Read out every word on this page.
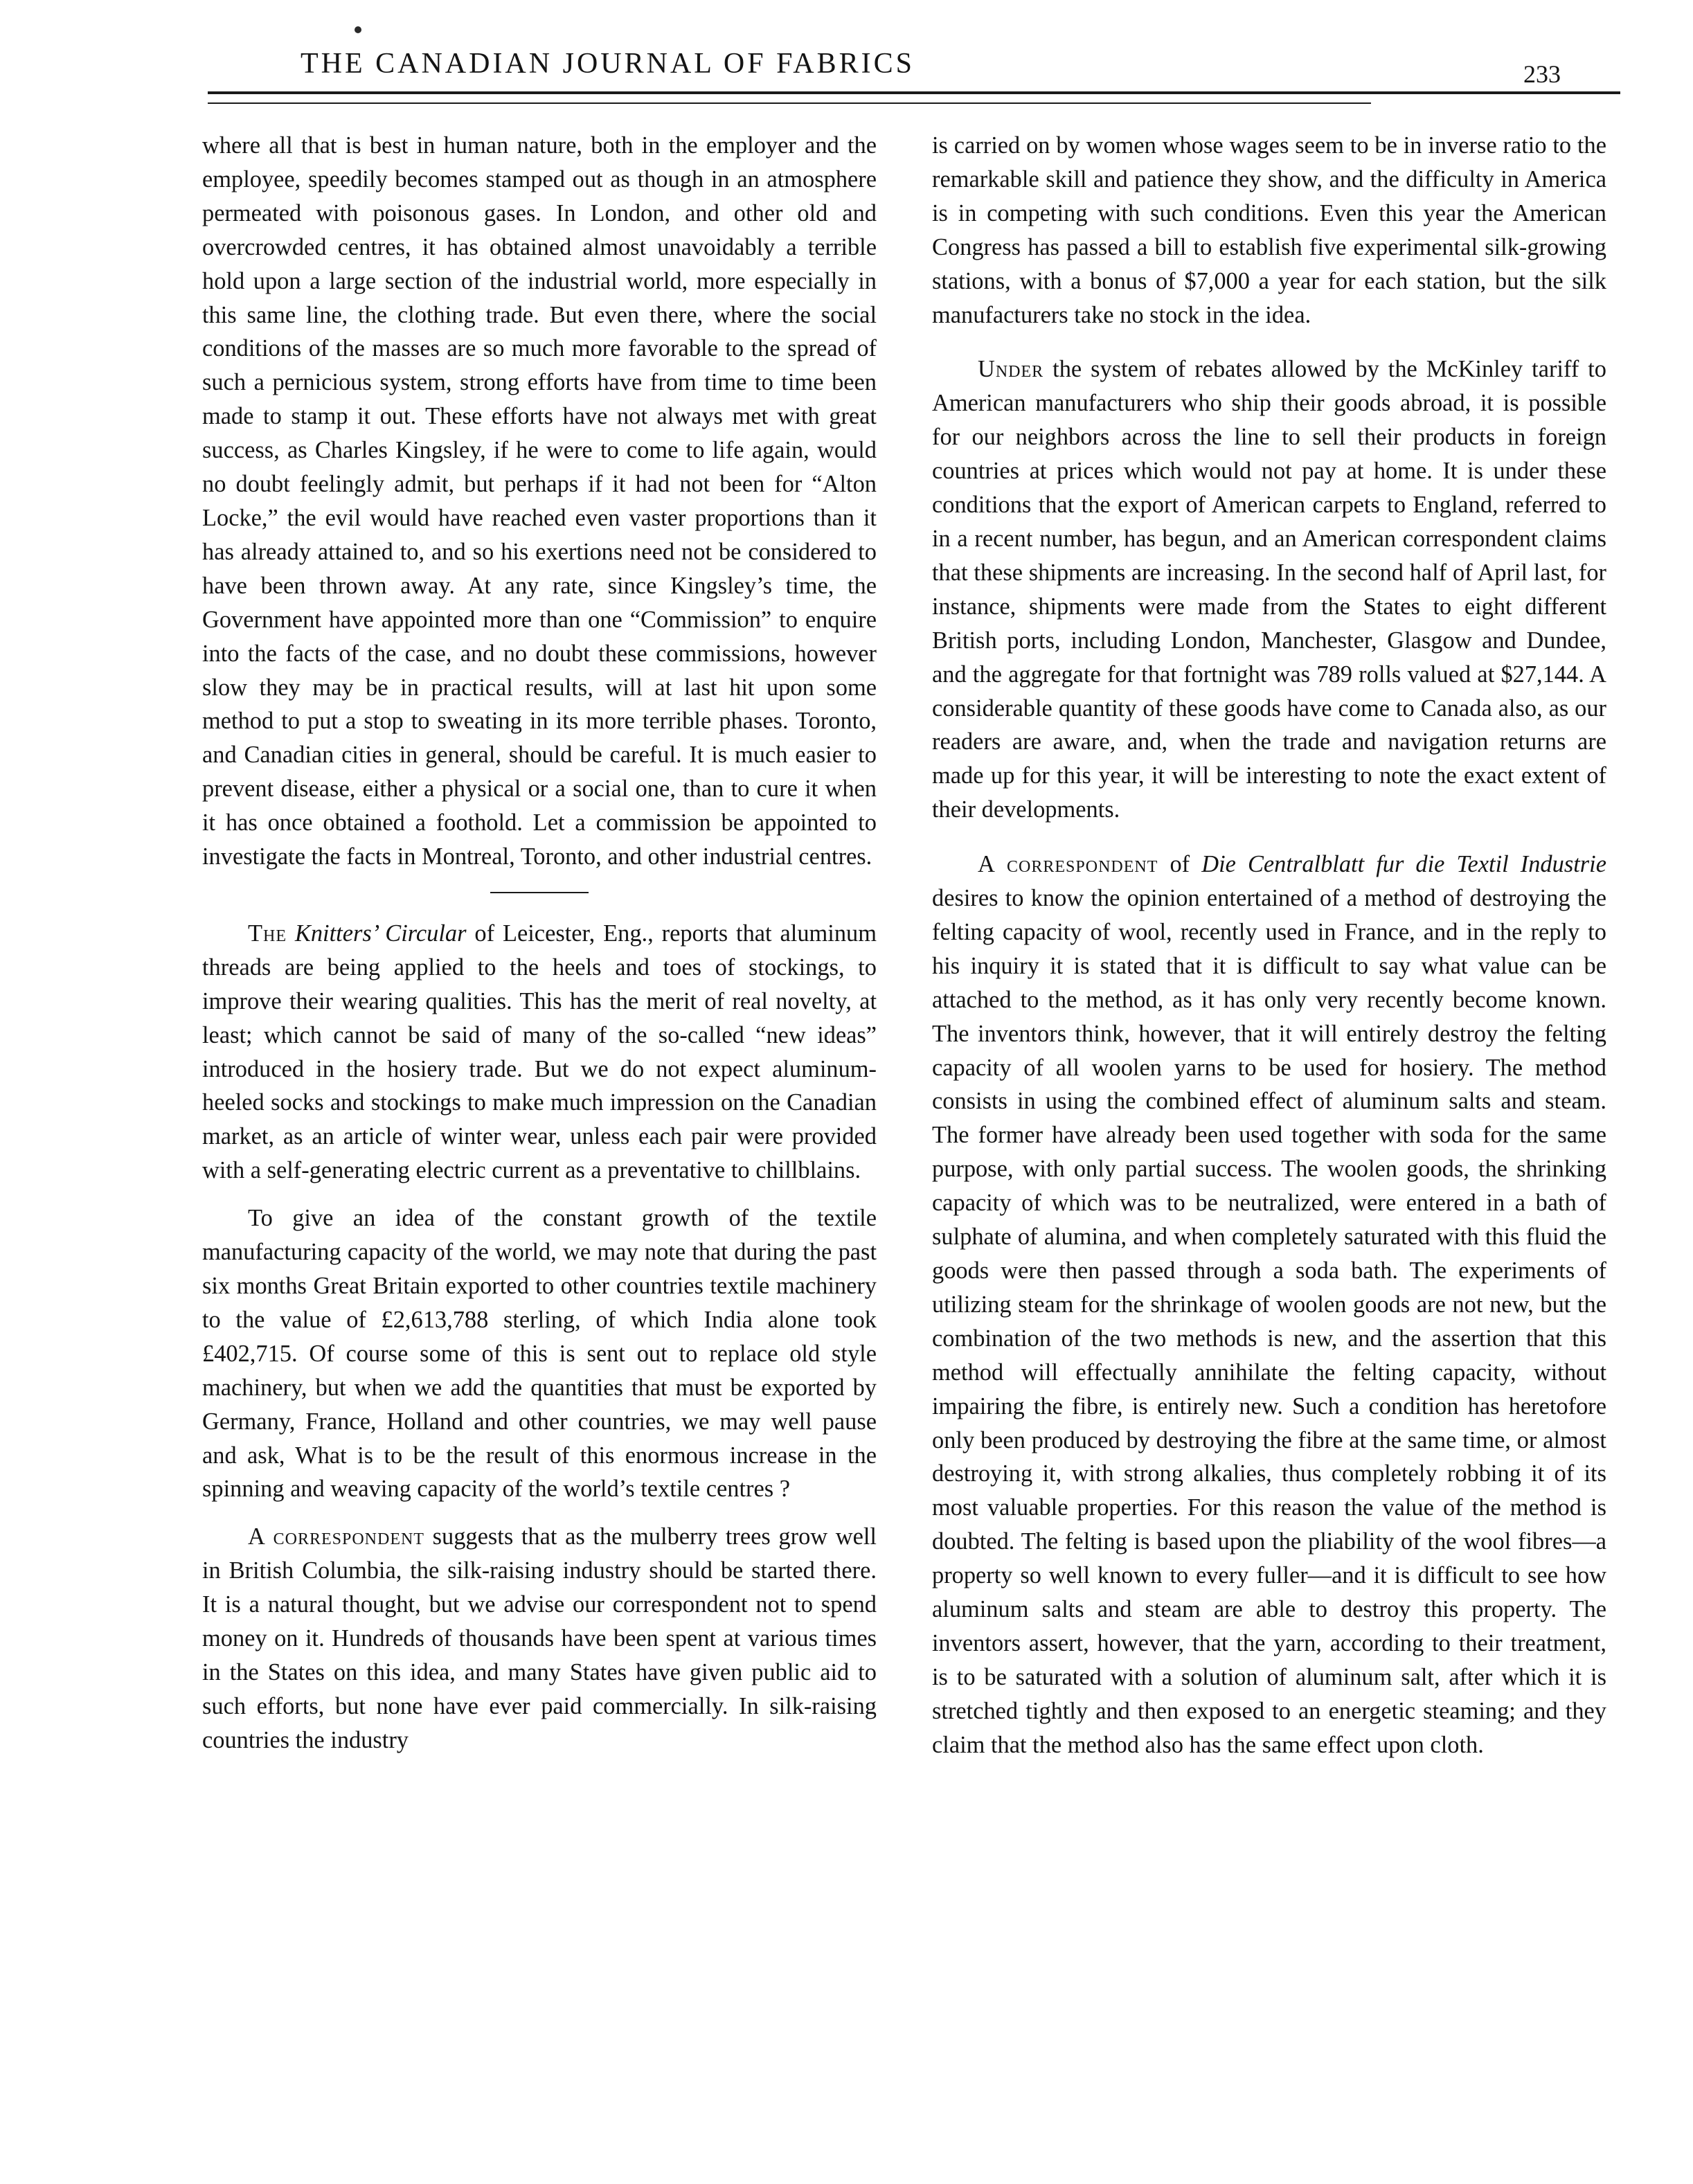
THE CANADIAN JOURNAL OF FABRICS	233

where all that is best in human nature, both in the employer and the employee, speedily becomes stamped out as though in an atmosphere permeated with poisonous gases. In London, and other old and overcrowded centres, it has obtained almost unavoidably a terrible hold upon a large section of the industrial world, more especially in this same line, the clothing trade. But even there, where the social conditions of the masses are so much more favorable to the spread of such a pernicious system, strong efforts have from time to time been made to stamp it out. These efforts have not always met with great success, as Charles Kingsley, if he were to come to life again, would no doubt feelingly admit, but perhaps if it had not been for “Alton Locke,” the evil would have reached even vaster proportions than it has already attained to, and so his exertions need not be considered to have been thrown away. At any rate, since Kingsley’s time, the Government have appointed more than one “Commission” to enquire into the facts of the case, and no doubt these commissions, however slow they may be in practical results, will at last hit upon some method to put a stop to sweating in its more terrible phases. Toronto, and Canadian cities in general, should be careful. It is much easier to prevent disease, either a physical or a social one, than to cure it when it has once obtained a foothold. Let a commission be appointed to investigate the facts in Montreal, Toronto, and other industrial centres.

The Knitters’ Circular of Leicester, Eng., reports that aluminum threads are being applied to the heels and toes of stockings, to improve their wearing qualities. This has the merit of real novelty, at least; which cannot be said of many of the so-called “new ideas” introduced in the hosiery trade. But we do not expect aluminum-heeled socks and stockings to make much impression on the Canadian market, as an article of winter wear, unless each pair were provided with a self-generating electric current as a preventative to chillblains.

To give an idea of the constant growth of the textile manufacturing capacity of the world, we may note that during the past six months Great Britain exported to other countries textile machinery to the value of £2,613,788 sterling, of which India alone took £402,715. Of course some of this is sent out to replace old style machinery, but when we add the quantities that must be exported by Germany, France, Holland and other countries, we may well pause and ask, What is to be the result of this enormous increase in the spinning and weaving capacity of the world’s textile centres ?

A correspondent suggests that as the mulberry trees grow well in British Columbia, the silk-raising industry should be started there. It is a natural thought, but we advise our correspondent not to spend money on it. Hundreds of thousands have been spent at various times in the States on this idea, and many States have given public aid to such efforts, but none have ever paid commercially. In silk-raising countries the industry

is carried on by women whose wages seem to be in inverse ratio to the remarkable skill and patience they show, and the difficulty in America is in competing with such conditions. Even this year the American Congress has passed a bill to establish five experimental silk-growing stations, with a bonus of $7,000 a year for each station, but the silk manufacturers take no stock in the idea.

Under the system of rebates allowed by the McKinley tariff to American manufacturers who ship their goods abroad, it is possible for our neighbors across the line to sell their products in foreign countries at prices which would not pay at home. It is under these conditions that the export of American carpets to England, referred to in a recent number, has begun, and an American correspondent claims that these shipments are increasing. In the second half of April last, for instance, shipments were made from the States to eight different British ports, including London, Manchester, Glasgow and Dundee, and the aggregate for that fortnight was 789 rolls valued at $27,144. A considerable quantity of these goods have come to Canada also, as our readers are aware, and, when the trade and navigation returns are made up for this year, it will be interesting to note the exact extent of their developments.

A correspondent of Die Centralblatt fur die Textil Industrie desires to know the opinion entertained of a method of destroying the felting capacity of wool, recently used in France, and in the reply to his inquiry it is stated that it is difficult to say what value can be attached to the method, as it has only very recently become known. The inventors think, however, that it will entirely destroy the felting capacity of all woolen yarns to be used for hosiery. The method consists in using the combined effect of aluminum salts and steam. The former have already been used together with soda for the same purpose, with only partial success. The woolen goods, the shrinking capacity of which was to be neutralized, were entered in a bath of sulphate of alumina, and when completely saturated with this fluid the goods were then passed through a soda bath. The experiments of utilizing steam for the shrinkage of woolen goods are not new, but the combination of the two methods is new, and the assertion that this method will effectually annihilate the felting capacity, without impairing the fibre, is entirely new. Such a condition has heretofore only been produced by destroying the fibre at the same time, or almost destroying it, with strong alkalies, thus completely robbing it of its most valuable properties. For this reason the value of the method is doubted. The felting is based upon the pliability of the wool fibres—a property so well known to every fuller—and it is difficult to see how aluminum salts and steam are able to destroy this property. The inventors assert, however, that the yarn, according to their treatment, is to be saturated with a solution of aluminum salt, after which it is stretched tightly and then exposed to an energetic steaming; and they claim that the method also has the same effect upon cloth.
